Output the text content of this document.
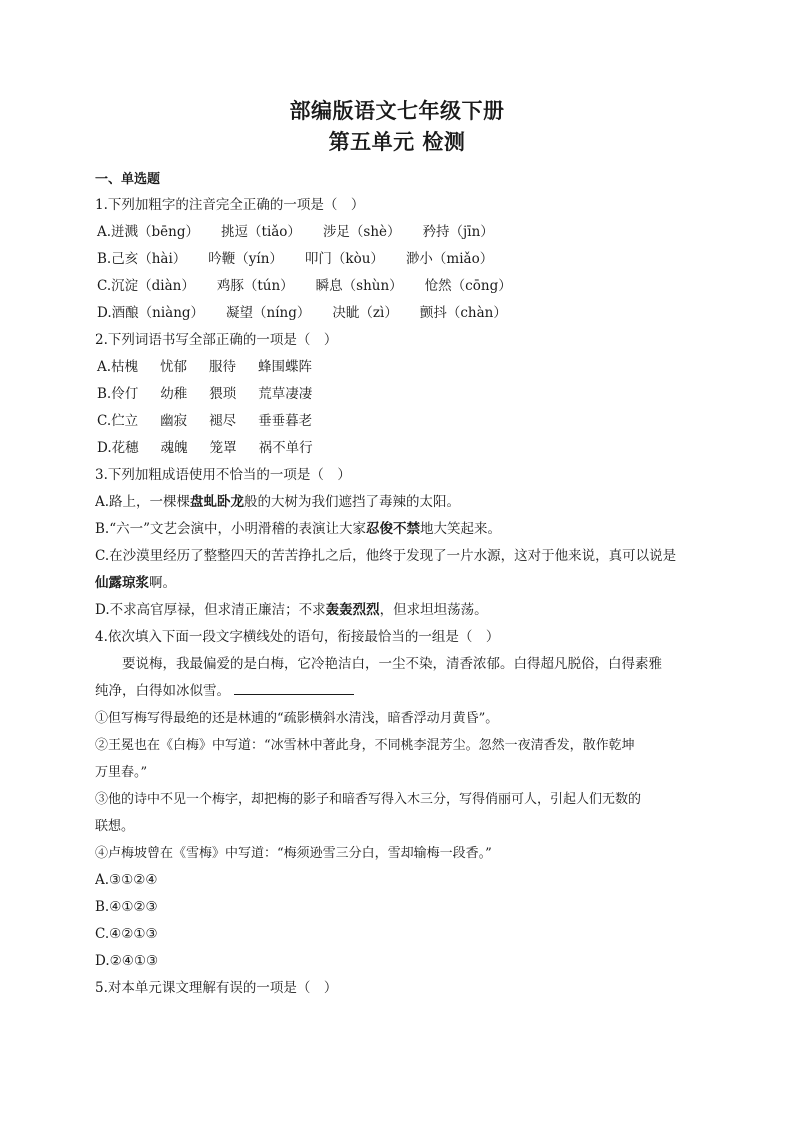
部编版语文七年级下册
第五单元 检测
一、单选题
1.下列加粗字的注音完全正确的一项是（　）
A.迸溅（bēng） 挑逗（tiǎo） 涉足（shè） 矜持（jīn）
B.己亥（hài） 吟鞭（yín） 叩门（kòu） 渺小（miǎo）
C.沉淀（diàn） 鸡豚（tún） 瞬息（shùn） 怆然（cōng）
D.酒酿（niàng） 凝望（níng） 决眦（zì） 颤抖（chàn）
2.下列词语书写全部正确的一项是（　）
A.枯槐 忧郁 服待 蜂围蝶阵
B.伶仃 幼稚 猥琐 荒草凄凄
C.伫立 幽寂 褪尽 垂垂暮老
D.花穗 魂魄 笼罩 祸不单行
3.下列加粗成语使用不恰当的一项是（　）
A.路上，一棵棵盘虬卧龙般的大树为我们遮挡了毒辣的太阳。
B.“六一”文艺会演中，小明滑稽的表演让大家忍俊不禁地大笑起来。
C.在沙漠里经历了整整四天的苦苦挣扎之后，他终于发现了一片水源，这对于他来说，真可以说是
仙露琼浆啊。
D.不求高官厚禄，但求清正廉洁；不求轰轰烈烈，但求坦坦荡荡。
4.依次填入下面一段文字横线处的语句，衔接最恰当的一组是（　）
要说梅，我最偏爱的是白梅，它冷艳洁白，一尘不染，清香浓郁。白得超凡脱俗，白得素雅
纯净，白得如冰似雪。
①但写梅写得最绝的还是林逋的“疏影横斜水清浅，暗香浮动月黄昏”。
②王冕也在《白梅》中写道：“冰雪林中著此身，不同桃李混芳尘。忽然一夜清香发，散作乾坤
万里春。”
③他的诗中不见一个梅字，却把梅的影子和暗香写得入木三分，写得俏丽可人，引起人们无数的
联想。
④卢梅坡曾在《雪梅》中写道：“梅须逊雪三分白，雪却输梅一段香。”
A.③①②④
B.④①②③
C.④②①③
D.②④①③
5.对本单元课文理解有误的一项是（　）
